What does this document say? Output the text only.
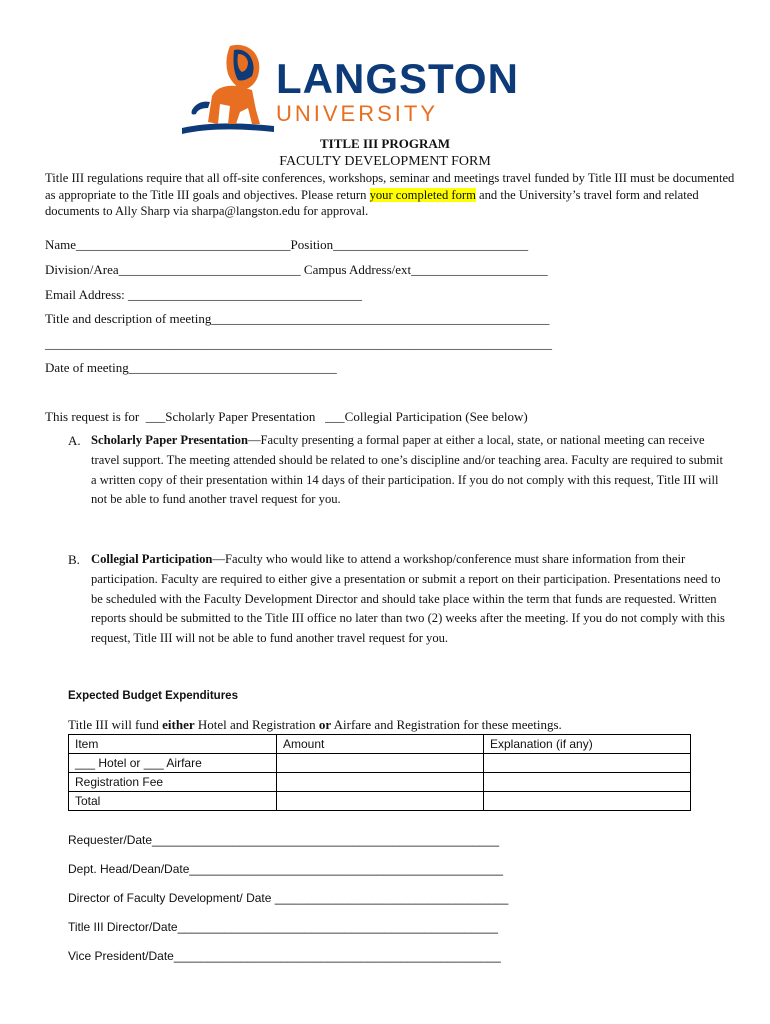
LANGSTON
UNIVERSITY
TITLE III PROGRAM
FACULTY DEVELOPMENT FORM
Title III regulations require that all off-site conferences, workshops, seminar and meetings travel funded by Title III must be documented as appropriate to the Title III goals and objectives. Please return your completed form and the University’s travel form and related documents to Ally Sharp via sharpa@langston.edu for approval.
Name_________________________________Position______________________________
Division/Area____________________________ Campus Address/ext_____________________
Email Address: ____________________________________
Title and description of meeting____________________________________________________
______________________________________________________________________________
Date of meeting________________________________
This request is for  ___Scholarly Paper Presentation   ___Collegial Participation (See below)
A. Scholarly Paper Presentation—Faculty presenting a formal paper at either a local, state, or national meeting can receive travel support. The meeting attended should be related to one’s discipline and/or teaching area. Faculty are required to submit a written copy of their presentation within 14 days of their participation. If you do not comply with this request, Title III will not be able to fund another travel request for you.
B. Collegial Participation—Faculty who would like to attend a workshop/conference must share information from their participation. Faculty are required to either give a presentation or submit a report on their participation. Presentations need to be scheduled with the Faculty Development Director and should take place within the term that funds are requested. Written reports should be submitted to the Title III office no later than two (2) weeks after the meeting. If you do not comply with this request, Title III will not be able to fund another travel request for you.
Expected Budget Expenditures
Title III will fund either Hotel and Registration or Airfare and Registration for these meetings.
Item	Amount	Explanation (if any)
___ Hotel or ___ Airfare		
Registration Fee		
Total		
Requester/Date____________________________________________________
Dept. Head/Dean/Date_______________________________________________
Director of Faculty Development/ Date ___________________________________
Title III Director/Date________________________________________________
Vice President/Date_________________________________________________
